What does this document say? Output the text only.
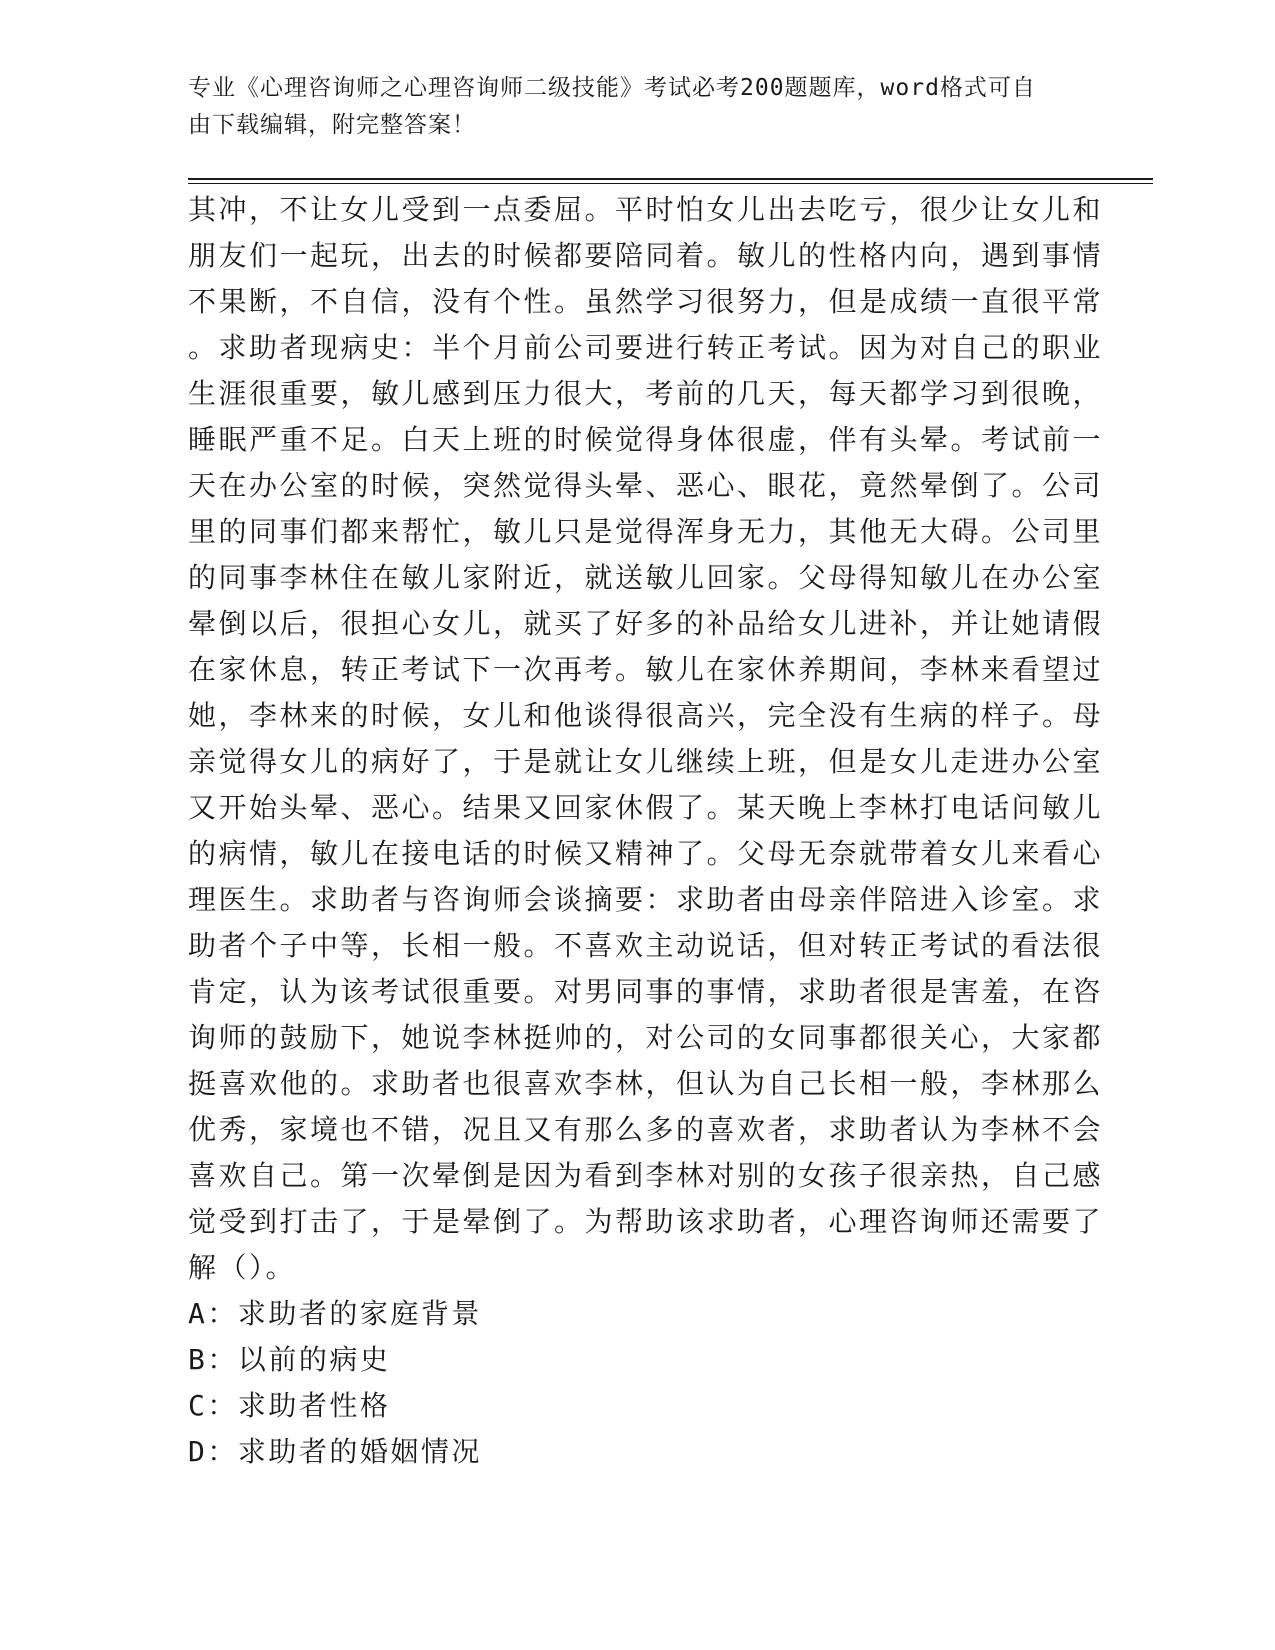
专业《心理咨询师之心理咨询师二级技能》考试必考200题题库，word格式可自
由下载编辑，附完整答案！
其冲，不让女儿受到一点委屈。平时怕女儿出去吃亏，很少让女儿和
朋友们一起玩，出去的时候都要陪同着。敏儿的性格内向，遇到事情
不果断，不自信，没有个性。虽然学习很努力，但是成绩一直很平常
。求助者现病史：半个月前公司要进行转正考试。因为对自己的职业
生涯很重要，敏儿感到压力很大，考前的几天，每天都学习到很晚，
睡眠严重不足。白天上班的时候觉得身体很虚，伴有头晕。考试前一
天在办公室的时候，突然觉得头晕、恶心、眼花，竟然晕倒了。公司
里的同事们都来帮忙，敏儿只是觉得浑身无力，其他无大碍。公司里
的同事李林住在敏儿家附近，就送敏儿回家。父母得知敏儿在办公室
晕倒以后，很担心女儿，就买了好多的补品给女儿进补，并让她请假
在家休息，转正考试下一次再考。敏儿在家休养期间，李林来看望过
她，李林来的时候，女儿和他谈得很高兴，完全没有生病的样子。母
亲觉得女儿的病好了，于是就让女儿继续上班，但是女儿走进办公室
又开始头晕、恶心。结果又回家休假了。某天晚上李林打电话问敏儿
的病情，敏儿在接电话的时候又精神了。父母无奈就带着女儿来看心
理医生。求助者与咨询师会谈摘要：求助者由母亲伴陪进入诊室。求
助者个子中等，长相一般。不喜欢主动说话，但对转正考试的看法很
肯定，认为该考试很重要。对男同事的事情，求助者很是害羞，在咨
询师的鼓励下，她说李林挺帅的，对公司的女同事都很关心，大家都
挺喜欢他的。求助者也很喜欢李林，但认为自己长相一般，李林那么
优秀，家境也不错，况且又有那么多的喜欢者，求助者认为李林不会
喜欢自己。第一次晕倒是因为看到李林对别的女孩子很亲热，自己感
觉受到打击了，于是晕倒了。为帮助该求助者，心理咨询师还需要了
解（）。
A：求助者的家庭背景
B：以前的病史
C：求助者性格
D：求助者的婚姻情况
